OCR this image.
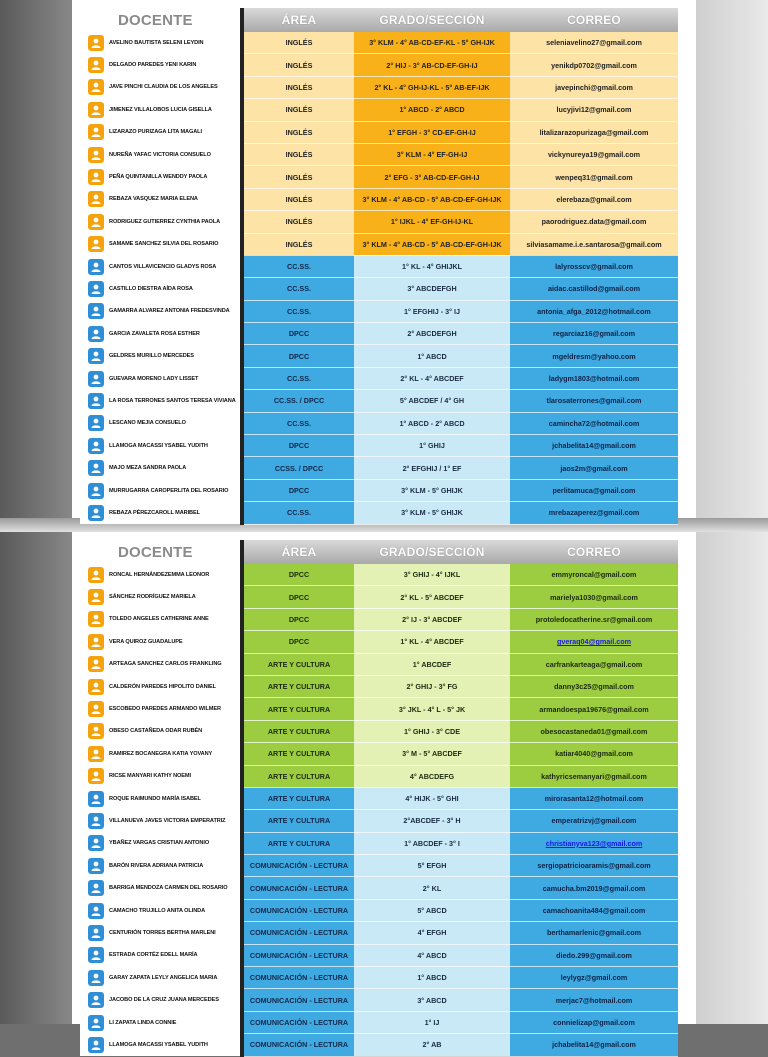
DOCENTE	ÁREA	GRADO/SECCIÓN	CORREO

AVELINO BAUTISTA SELENI LEYDIN	INGLÉS	3° KLM - 4° AB-CD-EF-KL - 5° GH-IJK	seleniavelino27@gmail.com

DELGADO PAREDES YENI KARIN	INGLÉS	2° HIJ - 3° AB-CD-EF-GH-IJ	yenikdp0702@gmail.com

JAVE PINCHI CLAUDIA DE LOS ANGELES	INGLÉS	2° KL - 4° GH-IJ-KL - 5° AB-EF-IJK	javepinchi@gmail.com

JIMENEZ VILLALOBOS LUCIA GISELLA	INGLÉS	1° ABCD - 2° ABCD	lucyjivi12@gmail.com

LIZARAZO PURIZAGA LITA MAGALI	INGLÉS	1° EFGH - 3° CD-EF-GH-IJ	litalizarazopurizaga@gmail.com

NUREÑA YAFAC VICTORIA CONSUELO	INGLÉS	3° KLM - 4° EF-GH-IJ	vickynureya19@gmail.com

PEÑA QUINTANILLA WENDDY PAOLA	INGLÉS	2° EFG - 3° AB-CD-EF-GH-IJ	wenpeq31@gmail.com

REBAZA VASQUEZ MARIA ELENA	INGLÉS	3° KLM - 4° AB-CD - 5° AB-CD-EF-GH-IJK	elerebaza@gmail.com

RODRIGUEZ GUTIERREZ CYNTHIA PAOLA	INGLÉS	1° IJKL - 4° EF-GH-IJ-KL	paorodriguez.data@gmail.com

SAMAME SANCHEZ SILVIA DEL ROSARIO	INGLÉS	3° KLM - 4° AB-CD - 5° AB-CD-EF-GH-IJK	silviasamame.i.e.santarosa@gmail.com

CANTOS VILLAVICENCIO GLADYS ROSA	CC.SS.	1° KL - 4° GHIJKL	lalyrosscv@gmail.com

CASTILLO DIESTRA AÍDA ROSA	CC.SS.	3° ABCDEFGH	aidac.castillod@gmail.com

GAMARRA ALVAREZ ANTONIA FREDESVINDA	CC.SS.	1° EFGHIJ - 3° IJ	antonia_afga_2012@hotmail.com

GARCIA ZAVALETA ROSA ESTHER	DPCC	2° ABCDEFGH	regarciaz16@gmail.com

GELDRES MURILLO MERCEDES	DPCC	1° ABCD	mgeldresm@yahoo.com

GUEVARA MORENO LADY LISSET	CC.SS.	2° KL - 4° ABCDEF	ladygm1803@hotmail.com

LA ROSA TERRONES SANTOS TERESA VIVIANA	CC.SS. / DPCC	5° ABCDEF / 4° GH	tlarosaterrones@gmail.com

LESCANO MEJIA CONSUELO	CC.SS.	1° ABCD - 2° ABCD	camincha72@hotmail.com

LLAMOGA MACASSI YSABEL YUDITH	DPCC	1° GHIJ	jchabelita14@gmail.com

MAJO MEZA SANDRA PAOLA	CCSS. / DPCC	2° EFGHIJ / 1° EF	jaos2m@gmail.com

MURRUGARRA CAROPERLITA DEL ROSARIO	DPCC	3° KLM - 5° GHIJK	perlitamuca@gmail.com

REBAZA PÉREZCAROLL MARIBEL	CC.SS.	3° KLM - 5° GHIJK	mrebazaperez@gmail.com
DOCENTE	ÁREA	GRADO/SECCIÓN	CORREO

RONCAL HERNÁNDEZEMMA LEONOR	DPCC	3° GHIJ - 4° IJKL	emmyroncal@gmail.com

SÁNCHEZ RODRÍGUEZ MARIELA	DPCC	2° KL - 5° ABCDEF	marielya1030@gmail.com

TOLEDO ANGELES CATHERINE ANNE	DPCC	2° IJ - 3° ABCDEF	protoledocatherine.sr@gmail.com

VERA QUIROZ GUADALUPE	DPCC	1° KL - 4° ABCDEF	gveraq04@gmail.com

ARTEAGA SANCHEZ CARLOS FRANKLING	ARTE Y CULTURA	1° ABCDEF	carfrankarteaga@gmail.com

CALDERÓN PAREDES HIPOLITO DANIEL	ARTE Y CULTURA	2° GHIJ - 3° FG	danny3c25@gmail.com

ESCOBEDO PAREDES ARMANDO WILMER	ARTE Y CULTURA	3° JKL - 4° L - 5° JK	armandoespa19676@gmail.com

OBESO CASTAÑEDA ODAR RUBÉN	ARTE Y CULTURA	1° GHIJ - 3° CDE	obesocastaneda01@gmail.com

RAMIREZ BOCANEGRA KATIA YOVANY	ARTE Y CULTURA	3° M - 5° ABCDEF	katiar4040@gmail.com

RICSE MANYARI KATHY NOEMI	ARTE Y CULTURA	4° ABCDEFG	kathyricsemanyari@gmail.com

ROQUE RAIMUNDO MARÍA ISABEL	ARTE Y CULTURA	4° HIJK - 5° GHI	mirorasanta12@hotmail.com

VILLANUEVA JAVES VICTORIA EMPERATRIZ	ARTE Y CULTURA	2°ABCDEF - 3° H	emperatrizvj@gmail.com

YBAÑEZ VARGAS CRISTIAN ANTONIO	ARTE Y CULTURA	1° ABCDEF - 3° I	christianyva123@gmail.com

BARÓN RIVERA ADRIANA PATRICIA	COMUNICACIÓN - LECTURA	5° EFGH	sergiopatricioaramis@gmail.com

BARRIGA MENDOZA CARMEN DEL ROSARIO	COMUNICACIÓN - LECTURA	2° KL	camucha.bm2019@gmail.com

CAMACHO TRUJILLO ANITA OLINDA	COMUNICACIÓN - LECTURA	5° ABCD	camachoanita484@gmail.com

CENTURIÓN TORRES BERTHA MARLENI	COMUNICACIÓN - LECTURA	4° EFGH	berthamarlenic@gmail.com

ESTRADA CORTÉZ EDELL MARÍA	COMUNICACIÓN - LECTURA	4° ABCD	diedo.299@gmail.com

GARAY ZAPATA LEYLY ANGELICA MARIA	COMUNICACIÓN - LECTURA	1° ABCD	leylygz@gmail.com

JACOBO DE LA CRUZ JUANA MERCEDES	COMUNICACIÓN - LECTURA	3° ABCD	merjac7@hotmail.com

LI ZAPATA LINDA CONNIE	COMUNICACIÓN - LECTURA	1° IJ	connielizap@gmail.com

LLAMOGA MACASSI YSABEL YUDITH	COMUNICACIÓN - LECTURA	2° AB	jchabelita14@gmail.com
